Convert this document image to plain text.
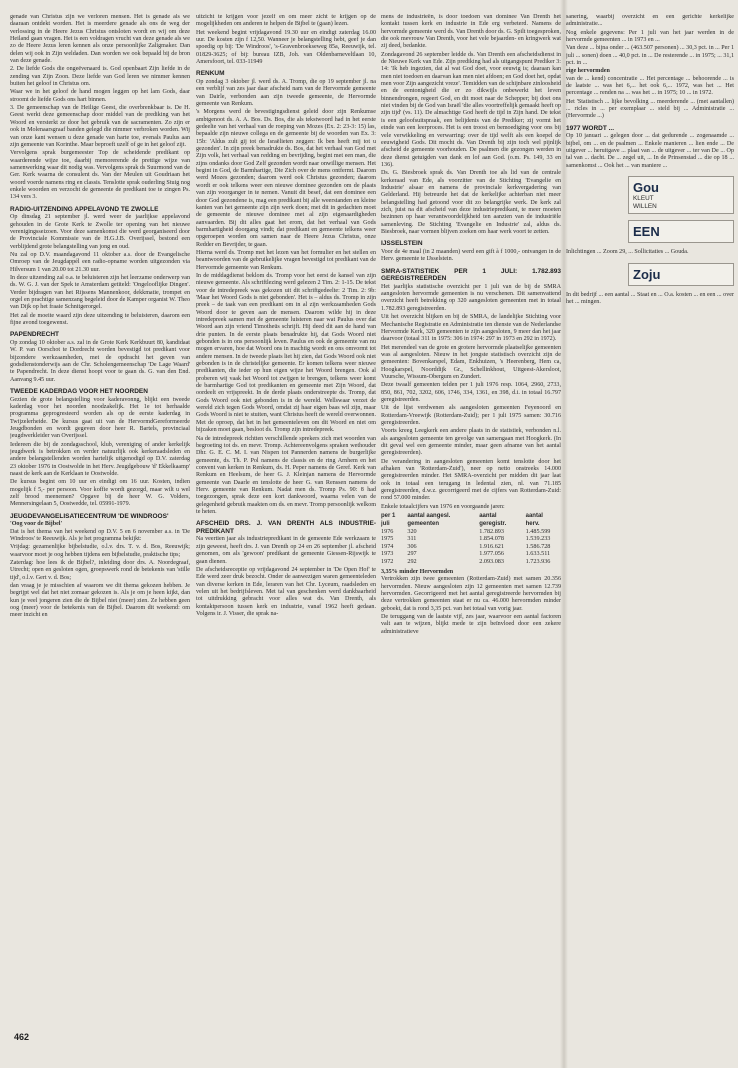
genade van Christus zijn we verloren mensen. Het is genade als we daaraan ontdekt worden. Het is meerdere genade als ons de weg der verlossing in de Heere Jezus Christus ontsloten wordt en wij om deze Heiland gaan vragen. Het is een voldragen vrucht van deze genade als we zo de Heere Jezus leren kennen als onze persoonlijke Zaligmaker. Dan delen wij ook in Zijn weldaden. Dan worden we ook bepaald bij de bron van deze genade.

2. De liefde Gods die ongeëvenaard is. God openbaart Zijn liefde in de zending van Zijn Zoon. Deze liefde van God leren we nimmer kennen buiten het geloof in Christus om.

Waar we in het geloof de hand mogen leggen op het lam Gods, daar stroomt de liefde Gods ons hart binnen.

3. De gemeenschap van de Heilige Geest, die overbrenkbaar is. De H. Geest werkt deze gemeenschap door middel van de prediking van het Woord en versterkt ze door het gebruik van de sacramenten. Zo zijn er ook in Molenaarsgraaf banden gelegd die nimmer verbroken worden. Wij van onze kant wensen u deze genade van harte toe, evenals Paulus aan zijn gemeente van Korinthe. Maar beproeft uzelf of ge in het geloof zijt.

Vervolgens sprak burgemeester Top de scheidende predikant op waarderende wijze toe, daarbij memorerende de prettige wijze van samenwerking waar dit nodig was. Vervolgens sprak ds Suurmond van de Ger. Kerk waarna de consulent ds. Van der Meulen uit Goudriaan het woord voerde namens ring en classis. Tenslotte sprak ouderling Stuig nog enkele woorden en verzocht de gemeente de predikant toe te zingen Ps. 134 vers 3.

RADIO-UITZENDING APPELAVOND TE ZWOLLE

Op dinsdag 21 september jl. werd weer de jaarlijkse appelavond gehouden in de Grote Kerk te Zwolle ter opening van het nieuwe verenigingsseizoen. Voor deze samenkomst die werd georganiseerd door de Provinciale Kommissie van de H.G.J.B. Overijssel, bestond een verblijdend grote belangstelling van jong en oud.

Nu zal op D.V. maandagavond 11 oktober a.s. door de Evangelische Omroep van de Jeugdappél een radio-opname worden uitgezonden via Hilversum 1 van 20.00 tot 21.30 uur.

In deze uitzending zal o.a. te beluisteren zijn het leerzame onderwerp van ds. W. G. J. van der Spek te Amsterdam getiteld: 'Ongelooflijke Dingen'. Verder bijdragen van het Rijssens Mannenkoor, dekkmatie, trompet en orgel en prachtige samenzang begeleid door de Kamper organist W. Theo van Dijk op het fraaie Schnitgerorgel.

Het zal de moeite waard zijn deze uitzending te beluisteren, daarom een fijne avond toegewenst.

PAPENDRECHT

Op zondag 10 oktober a.s. zal in de Grote Kerk Kerkbuurt 80, kandidaat W. P. van Oorschot te Dordrecht worden bevestigd tot predikant voor bijzondere werkzaamheden, met de opdracht het geven van godsdienstonderwijs aan de Chr. Scholengemeenschap 'De Lage Waard' te Papendrecht. In deze dienst hoopt voor te gaan ds. G. van den End. Aanvang 9.45 uur.

TWEEDE KADERDAG VOOR HET NOORDEN

Gezien de grote belangstelling voor kaderavonng, blijkt een tweede kaderdag voor het noorden noodzakelijk. Het 1e tot herhaalde programma geprogresteerd worden als op de eerste kaderdag in Twijzelerheide. De kursus gaat uit van de HervormdGereformeerde Jeugdbonden en wordt gegeven door heer R. Bartels, provinciaal jeugdwerkleider van Overijssel.

Iedereen die bij de zondagsschool, klub, vereniging of ander kerkelijk jeugdwerk is betrokken en verder natuurlijk ook kerkeraadsleden en andere belangstellenden worden hartelijk uitgenodigd op D.V. zaterdag 23 oktober 1976 in Oostwolde in het Herv. Jeugdgebouw 'd' Ekkelkaamp' naast de kerk aan de Kerklaan te Oostwolde.

De kursus begint om 10 uur en eindigt om 16 uur. Kosten, indien mogelijk f 5,- per persoon. Voor koffie wordt gezorgd, maar wilt u wel zelf brood meenemen? Opgave bij de heer W. G. Volders, Mennersingelaan 5, Oostwedde, tel. 05991-1979.

JEUGDEVANGELISATIECENTRUM 'DE WINDROOS'

'Oog voor de Bijbel'

Dat is het thema van het weekend op D.V. 5 en 6 november a.s. in 'De Windroos' te Reeuwijk. Als je het programma bekijkt:

Vrijdag: gezamenlijke bijbelstudie, o.l.v. drs. T. v. d. Bos, Reeuwijk; waarvoor moet je oog hebben tijdens een bijbelstudie, praktische tips;

Zaterdag: hoe lees ik de Bijbel?, inleiding door drs. A. Noordegraaf, Utrecht; open en gesloten ogen, groepswerk rond de betekenis van 'stille tijd', o.l.v. Gert v. d. Bos;

dan vraag je je misschien af waarom we dit thema gekozen hebben. Je begrijpt wel dat het niet zomaar gekozen is. Als je om je heen kijkt, dan kun je veel jongeren zien die de Bijbel niet (meer) zien. Ze hebben geen oog (meer) voor de betekenis van de Bijbel. Daarom dit weekend: om meer inzicht en

uitzicht te krijgen voor jezelf en om meer zicht te krijgen op de mogelijkheden om anderen te helpen de Bijbel te (gaan) lezen.

Het weekend begint vrijdagavond 19.30 uur en eindigt zaterdag 16.00 uur. De kosten zijn f 12,50. Wanneer je belangstelling hebt, geef je dan spoedig op bij: 'De Windroos', 's-Gravenbroekseweg 85a, Reeuwijk, tel. 01829-3625; of bij: bureau IZB, Joh. van Oldenbarneveltlaan 10, Amersfoort, tel. 033-11949

RENKUM

Op zondag 3 oktober jl. werd ds. A. Tromp, die op 19 september jl. na een verblijf van zes jaar daar afscheid nam van de Hervormde gemeente van Dairle, verbonden aan zijn tweede gemeente, de Hervormde gemeente van Renkum.

's Morgens werd de bevestigingsdienst geleid door zijn Renkumse ambtgenoot ds. A. A. Bos. Ds. Bos, die als tekstwoord had in het eerste gedeelte van het verhaal van de roeping van Mozes (Ex. 2: 23-3: 15) las, bepaalde zijn nieuwe collega en de gemeente bij de woorden van Ex. 3: 15b: 'Aldus zult gij tot de Israëlieten zeggen: Ik ben heeft mij tot u gezonden'. In zijn preek benadrukte ds. Bos, dat het verhaal van God met Zijn volk, het verhaal van redding en bevrijding, begint met een man, die zijns ondanks door God Zelf gezonden wordt naar onwillige mensen. Het begint in God, de Barmhartige, Die Zich over de mens ontfermt. Daarom werd Mozes gezonden; daarom werd ook Christus gezonden; daarom wordt er ook telkens weer een nieuwe dominee gezonden om de plaats van zijn voorganger in te nemen. Vanuit dit besef, dat een dominee een door God gezondene is, mag een predikant bij alle weerstanden en kleine kanten van het gemeente zijn zijn werk doen; met dit in gedachten moet de gemeente de nieuwe dominee met al zijn eigenaardigheden aanvaarden. Bij dit alles gaat het erom, dat het verhaal van Gods barmhartigheid doorgang vindt; dat predikant en gemeente telkens weer opgeroepen worden om samen naar de Heere Jezus Christus, onze Redder en Bevrijder, te gaan.

Hierna werd ds. Tromp met het lezen van het formulier en het stellen en beantwoorden van de gebruikelijke vragen bevestigd tot predikant van de Hervormde gemeente van Renkum.

In de middagdienst beklom ds. Tromp voor het eerst de kansel van zijn nieuwe gemeente. Als schriftlezing werd gelezen 2 Tim. 2: 1-15. De tekst voor de intredepreek was gekozen uit dit schriftgedeelte: 2 Tim. 2: 9b: 'Maar het Woord Gods is niet gebonden'. Het is – aldus ds. Tromp in zijn preek – de taak van een predikant om in al zijn werkzaamheden Gods Woord door te geven aan de mensen. Daarom wilde hij in deze intredepreek samen met de gemeente luisteren naar wat Paulus over dat Woord aan zijn vriend Timotheüs schrijft. Hij deed dit aan de hand van drie punten. In de eerste plaats benadrukte hij, dat Gods Woord niet gebonden is in ons persoonlijk leven. Paulus en ook de gemeente van nu mogen ervaren, hoe dat Woord ons in machtig wordt en ons omvormt tot andere mensen. In de tweede plaats liet hij zien, dat Gods Woord ook niet gebonden is in de christelijke gemeente. Er komen telkens weer nieuwe predikanten, die ieder op hun eigen wijze het Woord brengen. Ook al proberen wij vaak het Woord tot zwijgen te brengen, telkens weer komt de barmhartige God tot predikanten en gemeente met Zijn Woord, dat oordeelt en vrijspreekt. In de derde plaats onderstreepte ds. Tromp, dat Gods Woord ook niet gebonden is in de wereld. Wellswaar verzet de wereld zich tegen Gods Woord, omdat zij haar eigen baas wil zijn, maar Gods Woord is niet te stuiten, want Christus heeft de wereld overwonnen. Met de oproep, dat het in het gemeenteleven om dit Woord en niet om bijzaken moet gaan, besloot ds. Tromp zijn intredepreek.

Na de intredepreek richtten verschillende sprekers zich met woorden van begroeting tot ds. en mevr. Tromp. Achtereenvolgens spraken wethouder Dhr. G. E. C. M. I. van Nispen tot Pannerden namens de burgerlijke gemeente, ds. Th. P. Pol namens de classis en de ring Arnhem en het convent van kerken in Renkum, ds. H. Peper namens de Geref. Kerk van Renkum en Heelsum, de heer G. J. Kleinjan namens de Hervormde gemeente van Daarle en tenslotte de heer G. van Renssen namens de Herv. gemeente van Renkum. Nadat men ds. Tromp Ps. 90: 8 had toegezongen, sprak deze een kort dankwoord, waarna velen van de gelegenheid gebruik maakten om ds. en mevr. Tromp persoonlijk welkom te heten.

AFSCHEID DRS. J. VAN DRENTH ALS INDUSTRIE-PREDIKANT

Na veertien jaar als industriepredikant in de gemeente Ede werkzaam te zijn geweest, heeft drs. J. van Drenth op 24 en 26 september jl. afscheid genomen, om als 'gewoon' predikant de gemeente Giessen-Rijswijk te gaan dienen.

De afscheidsreceptie op vrijdagavond 24 september in 'De Open Hof' te Ede werd zeer druk bezocht. Onder de aanwezigen waren gemeenteleden van diverse kerken in Ede, leraren van het Chr. Lyceum, raadsleden en velen uit het bedrijfsleven. Met tal van geschenken werd dankbaarheid tot uitdrukking gebracht voor alles wat ds. Van Drenth, als kontaktpersoon tussen kerk en industrie, vanaf 1962 heeft gedaan. Volgens ir. J. Visser, die sprak na-

mens de industrieën, is door toedoen van dominee Van Drenth het kontakt tussen kerk en industrie in Ede erg verbeterd. Namens de hervormde gemeente werd ds. Van Drenth door ds. G. Spilt toegesproken, die ook mevrouw Van Drenth, voor het vele bejaarden- en kringwerk wat zij deed, bedankte.

Zondagavond 26 september leidde ds. Van Drenth een afscheidsdienst in de Nieuwe Kerk van Ede. Zijn prediking had als uitgangspunt Prediker 3: 14: 'Ik heb ingezien, dat al wat God doet, voor eeuwig is; daaraan kan men niet toedoen en daarvan kan men niet afdoen; en God doet het, opdat men voor Zijn aangezicht vreze'. Temidden van de schijnbare zinloosheid en de eentonigheid die er zo dikwijls onbewerkt het leven binnendrongen, regeert God, en dit moet naar de Schepper; bij doet ons niet vinden bij de God van Israël 'die alles voortreffelijk gemaakt heeft op zijn tijd' (vs. 11). De almachtige God heeft de tijd in Zijn hand. De tekst is een geloofsuitspraak, een belijdenis van de Prediker; zij vormt het einde van een leerproces. Het is een troost en bemoediging voor ons bij vele verwikkeling en verwarring: over de tijd welft als een koepel de eeuwigheid Gods. Dit mocht ds. Van Drenth bij zijn toch wel pijnlijk afscheid de gemeente voorhouden. De psalmen die gezongen werden in deze dienst getuigden van dank en lof aan God. (o.m. Ps. 149, 33 en 136).

Ds. G. Biesbroek sprak ds. Van Drenth toe als lid van de centrale kerkeraad van Ede, als voorzitter van de Stichting 'Evangelie en Industrie' alsaar en namens de provinciale kerkvergadering van Gelderland. Hij betreurde het dat de kerkelijke achterban niet meer belangstelling had getoond voor dit zo belangrijke werk. De kerk zal zich, juist na dit afscheid van deze industriepredikant, te meer moeten bezinnen op haar verantwoordelijkheid ten aanzien van de industriële samenleving. De Stichting 'Evangelie en Industrie' zal, aldus ds. Biesbroek, naar vormen blijven zoeken om haar werk voort te zetten.

IJSSELSTEIN

Voor de 4e maal (in 2 maanden) werd een gift à f 1000,- ontvangen in de Herv. gemeente te IJsselstein.

SMRA-STATISTIEK PER 1 JULI: 1.782.893 GEREGISTREERDEN

Het jaarlijks statistische overzicht per 1 juli van de bij de SMRA aangesloten hervormde gemeenten is nu verschenen. Dit samenvattend overzicht heeft betrekking op 320 aangesloten gemeenten met in totaal 1.782.893 geregistreerden.

Uit het overzicht blijken en bij de SMRA, de landelijke Stichting voor Mechanische Registratie en Administratie ten dienste van de Nederlandse Hervormde Kerk, 320 gemeenten te zijn aangesloten, 9 meer dan het jaar daarvoor (totaal 311 in 1975: 306 in 1974: 297 in 1973 en 292 in 1972).

Het merendeel van de grote en grotere hervormde plaatselijke gemeenten was al aangesloten. Nieuw in het jongste statistisch overzicht zijn de gemeenten: Bovenkarspel, Edam, Enkhuizen, 's Heerenberg, Hem ca, Hoogkarspel, Noorddijk Gr., Schellinkhout, Uitgeest-Akersloot, Vuursche, Wissum-Obergum en Zundert.

Deze twaalf gemeenten telden per 1 juli 1976 resp. 1064, 2960, 2733, 850, 861, 702, 3202, 606, 1746, 334, 1361, en 398, d.i. in totaal 16.797 geregistreerden.

Uit de lijst verdwenen als aangesloten gemeenten Feyenoord en Rotterdam-Vreewijk (Rotterdam-Zuid); per 1 juli 1975 samen: 30.716 geregistreerden.

Voorts kreeg Leegkerk een andere plaats in de statistiek, verbonden n.l. als aangesloten gemeente ten gevolge van samengaan met Hoogkerk. (In dit geval wel een gemeente minder, maar geen afname van het aantal geregistreerden).

De verandering in aangesloten gemeenten komt tenslotte door het afhaken van 'Rotterdam-Zuid'), neer op netto onstreeks 14.000 geregistreerden minder. Het SMRA-overzicht per midden dit jaar laat ook in totaal een terugang in ledental zien, nl. van 71.185 geregistreerden, d.w.z. gecorrigeerd met de cijfers van Rotterdam-Zuid: rond 57.000 minder.

Enkele totaalcijfers van 1976 en voorgaande jaren:

per 1 juli	aantal aangesl. gemeenten	aantal geregistr.	aantal herv.
1976	320	1.782.893	1.485.599
1975	311	1.854.078	1.539.233
1974	306	1.916.621	1.586.728
1973	297	1.977.056	1.633.511
1972	292	2.093.083	1.723.936

3,35% minder Hervormden

Vertrokken zijn twee gemeenten (Rotterdam-Zuid) met samen 20.356 hervormden. Nieuw aangesloten zijn 12 gemeenten met samen 12.739 hervormden. Gecorrigeerd met het aantal geregistreerde hervormden bij deze vertrokken gemeenten staat er nu ca. 46.000 hervormden minder geboekt, dat is rond 3,35 pct. van het totaal van vorig jaar.

De teruggang van de laatste vijf, zes jaar, waarvoor een aantal factoren valt aan te wijzen, blijkt mede te zijn beïnvloed door een zekere administratieve

sanering, waarbij overzicht en een gerichte kerkelijke administratie...

Nog enkele gegevens: Per 1 juli van het jaar werden in de hervormde gemeenten ... in 1973 en ...

Van deze ... bijna onder ... (463.507 personen) ... 30,3 pct. in ... Per 1 juli ... sonen) doen ... 40,0 pct. in ... De resterende ... in 1975; ... 31,1 pct. in ...

rige hervormden

van de ... kend) concentratie ... Het percentage ... behoorende ... is de laatste ... was het 6,... het ook 6,... 1972, was het ... Het percentage ... renden na ... was het ... in 1975; 10 ... in 1972.

Het 'Statistisch ... lijke bevolking ... meerderende ... (met aantallen) ... ricles in ... per exemplaar ... steld bij ... Administratie ... (Hervormde ...)

1977 WORDT ...

Op 10 januari ... gelegen door ... dat gedurende ... zogenaamde ... bijbel, om ... en de psalmen ... Enkele manieren ... lien ende ... De uitgever ... heruitgave ... plaat van ... de uitgever ... ter van De ... Op tal van ... dacht. De ... zegel uit, ... In de Prinsenstad ... die op 18 ... samenkomst ... Ook het ... van maniere ...

Gou
KLEUT
WILLEN
EEN

Inlichtingen ... Zoom 29, ... Sollicitaties ... Gouda.

Zoju

In dit bedrijf ... een aantal ... Staat en ... O.a. kosten ... en een ... over het ... mingen.

462
